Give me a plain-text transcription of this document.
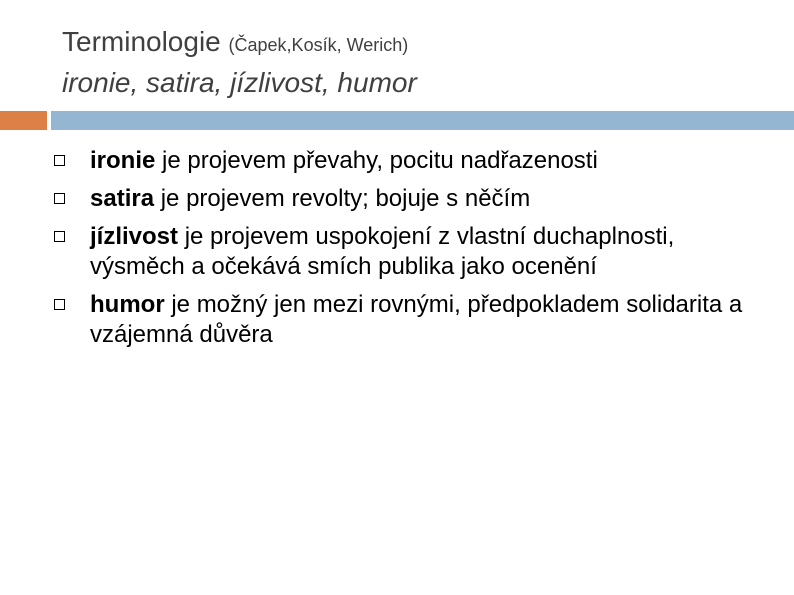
Terminologie (Čapek,Kosík, Werich)
ironie, satira, jízlivost, humor
ironie je projevem převahy, pocitu nadřazenosti
satira je projevem revolty; bojuje s něčím
jízlivost je projevem uspokojení z vlastní duchaplnosti, výsměch a očekává smích publika jako ocenění
humor je možný jen mezi rovnými, předpokladem solidarita a vzájemná důvěra
